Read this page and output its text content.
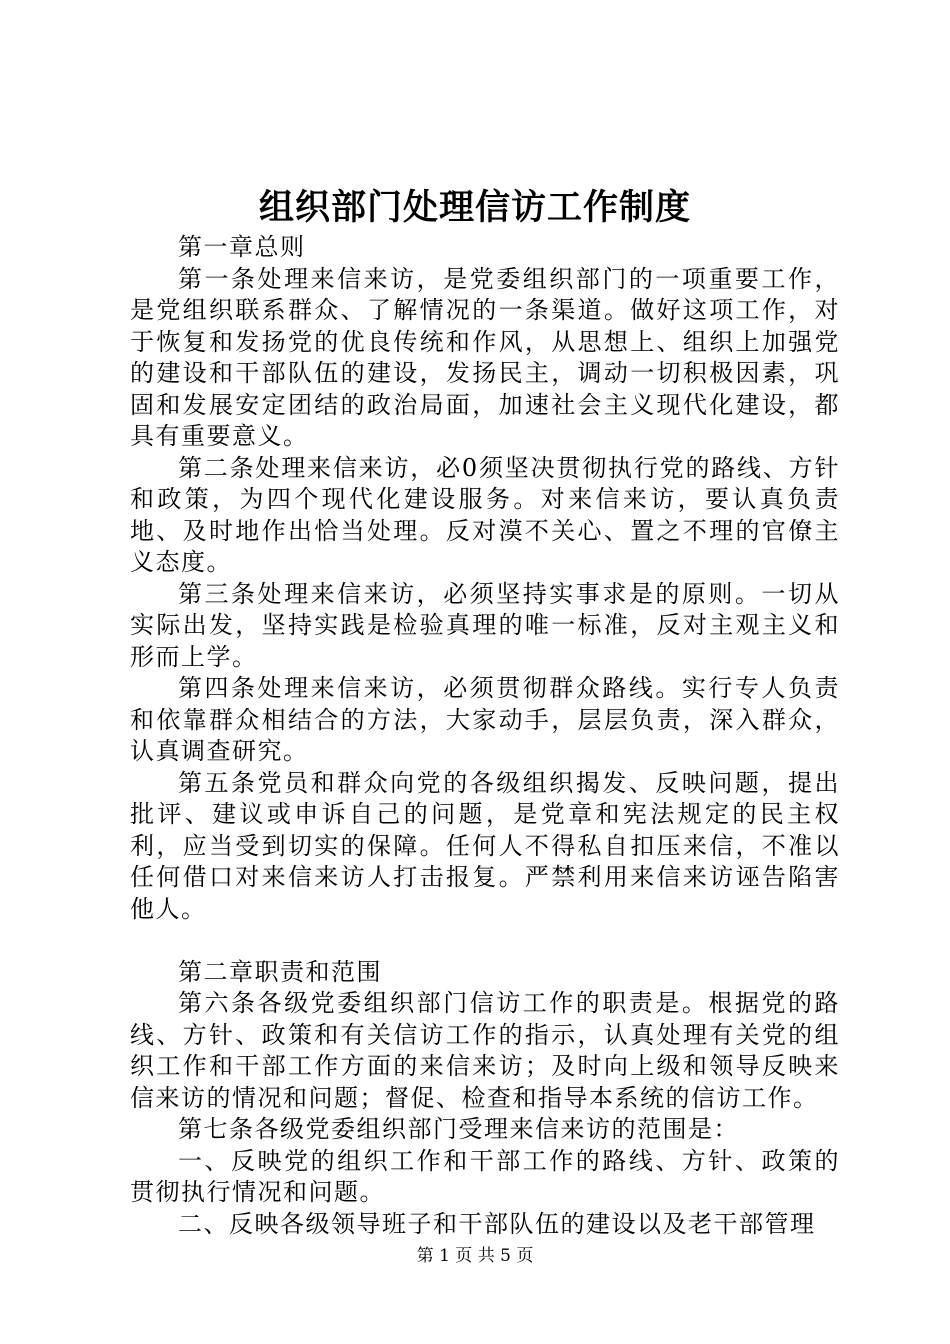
组织部门处理信访工作制度

第一章总则

第一条处理来信来访，是党委组织部门的一项重要工作，是党组织联系群众、了解情况的一条渠道。做好这项工作，对于恢复和发扬党的优良传统和作风，从思想上、组织上加强党的建设和干部队伍的建设，发扬民主，调动一切积极因素，巩固和发展安定团结的政治局面，加速社会主义现代化建设，都具有重要意义。

第二条处理来信来访，必0须坚决贯彻执行党的路线、方针和政策，为四个现代化建设服务。对来信来访，要认真负责地、及时地作出恰当处理。反对漠不关心、置之不理的官僚主义态度。

第三条处理来信来访，必须坚持实事求是的原则。一切从实际出发，坚持实践是检验真理的唯一标准，反对主观主义和形而上学。

第四条处理来信来访，必须贯彻群众路线。实行专人负责和依靠群众相结合的方法，大家动手，层层负责，深入群众，认真调查研究。

第五条党员和群众向党的各级组织揭发、反映问题，提出批评、建议或申诉自己的问题，是党章和宪法规定的民主权利，应当受到切实的保障。任何人不得私自扣压来信，不准以任何借口对来信来访人打击报复。严禁利用来信来访诬告陷害他人。

第二章职责和范围

第六条各级党委组织部门信访工作的职责是。根据党的路线、方针、政策和有关信访工作的指示，认真处理有关党的组织工作和干部工作方面的来信来访；及时向上级和领导反映来信来访的情况和问题；督促、检查和指导本系统的信访工作。

第七条各级党委组织部门受理来信来访的范围是：

一、反映党的组织工作和干部工作的路线、方针、政策的贯彻执行情况和问题。

二、反映各级领导班子和干部队伍的建设以及老干部管理

第 1 页 共 5 页
